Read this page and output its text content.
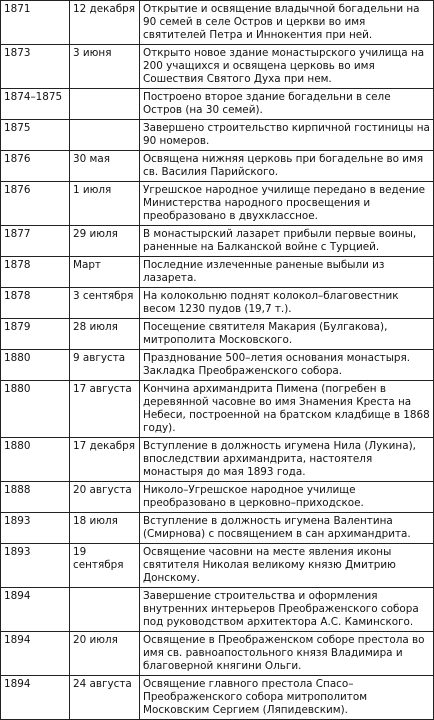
1871	12 декабря	Открытие и освящение владычной богадельни на 90 семей в селе Остров и церкви во имя святителей Петра и Иннокентия при ней.
1873	3 июня	Открыто новое здание монастырского училища на 200 учащихся и освящена церковь во имя Сошествия Святого Духа при нем.
1874–1875		Построено второе здание богадельни в селе Остров (на 30 семей).
1875		Завершено строительство кирпичной гостиницы на 90 номеров.
1876	30 мая	Освящена нижняя церковь при богадельне во имя св. Василия Парийского.
1876	1 июля	Угрешское народное училище передано в ведение Министерства народного просвещения и преобразовано в двухклассное.
1877	29 июля	В монастырский лазарет прибыли первые воины, раненные на Балканской войне с Турцией.
1878	Март	Последние излеченные раненые выбыли из лазарета.
1878	3 сентября	На колокольню поднят колокол–благовестник весом 1230 пудов (19,7 т.).
1879	28 июля	Посещение святителя Макария (Булгакова), митрополита Московского.
1880	9 августа	Празднование 500–летия основания монастыря. Закладка Преображенского собора.
1880	17 августа	Кончина архимандрита Пимена (погребен в деревянной часовне во имя Знамения Креста на Небеси, построенной на братском кладбище в 1868 году).
1880	17 декабря	Вступление в должность игумена Нила (Лукина), впоследствии архимандрита, настоятеля монастыря до мая 1893 года.
1888	20 августа	Николо–Угрешское народное училище преобразовано в церковно–приходское.
1893	18 июля	Вступление в должность игумена Валентина (Смирнова) с посвящением в сан архимандрита.
1893	19 сентября	Освящение часовни на месте явления иконы святителя Николая великому князю Дмитрию Донскому.
1894		Завершение строительства и оформления внутренних интерьеров Преображенского собора под руководством архитектора А.С. Каминского.
1894	20 июля	Освящение в Преображенском соборе престола во имя св. равноапостольного князя Владимира и благоверной княгини Ольги.
1894	24 августа	Освящение главного престола Спасо–Преображенского собора митрополитом Московским Сергием (Ляпидевским).
